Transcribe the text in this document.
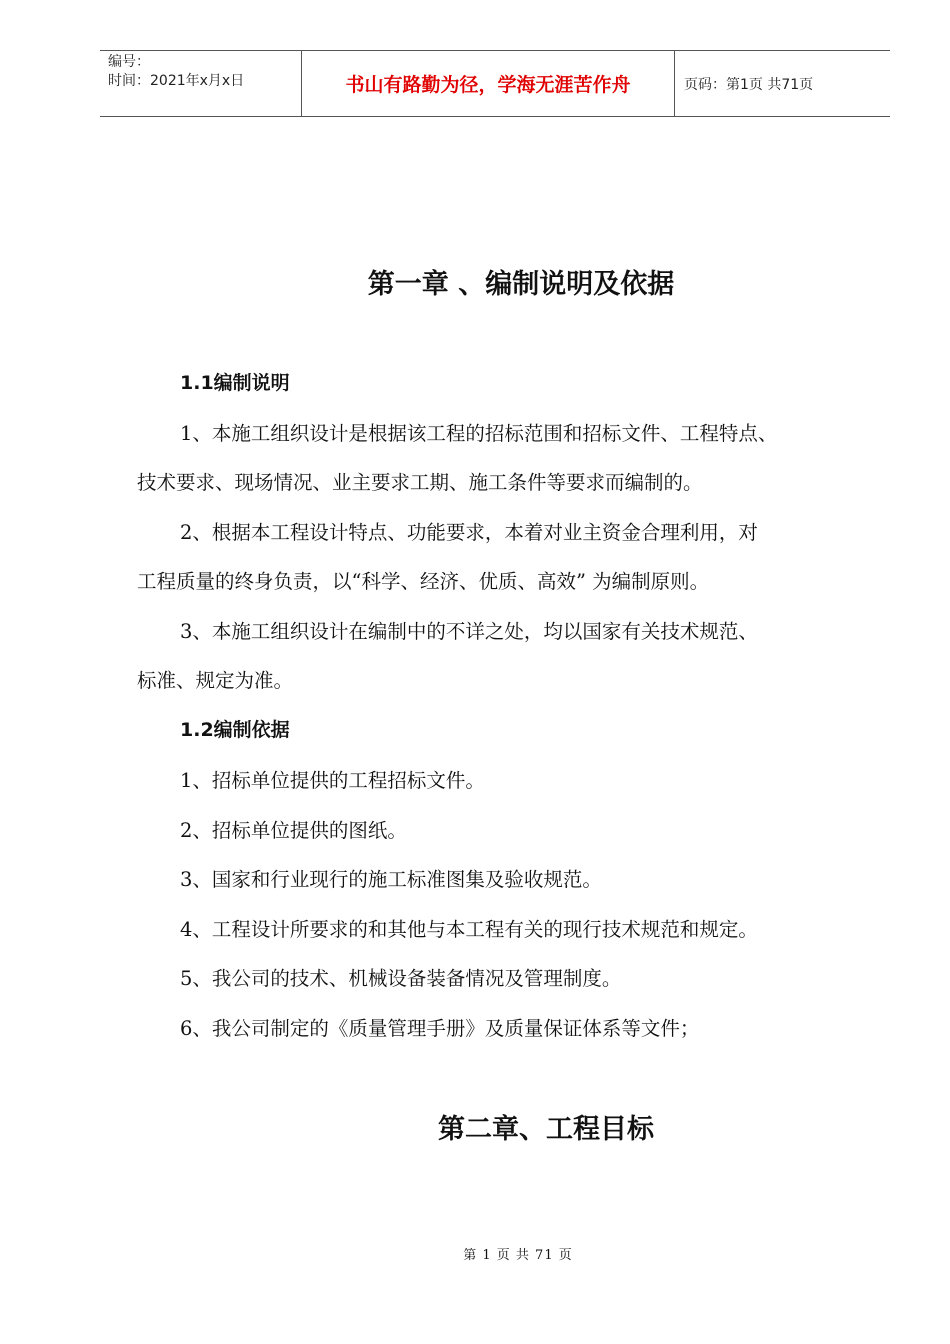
编号：
时间：2021年x月x日	书山有路勤为径，学海无涯苦作舟	页码：第1页 共71页
第一章 、编制说明及依据
1.1编制说明
1、本施工组织设计是根据该工程的招标范围和招标文件、工程特点、
技术要求、现场情况、业主要求工期、施工条件等要求而编制的。
2、根据本工程设计特点、功能要求，本着对业主资金合理利用，对
工程质量的终身负责，以“科学、经济、优质、高效” 为编制原则。
3、本施工组织设计在编制中的不详之处，均以国家有关技术规范、
标准、规定为准。
1.2编制依据
1、招标单位提供的工程招标文件。
2、招标单位提供的图纸。
3、国家和行业现行的施工标准图集及验收规范。
4、工程设计所要求的和其他与本工程有关的现行技术规范和规定。
5、我公司的技术、机械设备装备情况及管理制度。
6、我公司制定的《质量管理手册》及质量保证体系等文件；
第二章、工程目标
第 1 页 共 71 页
